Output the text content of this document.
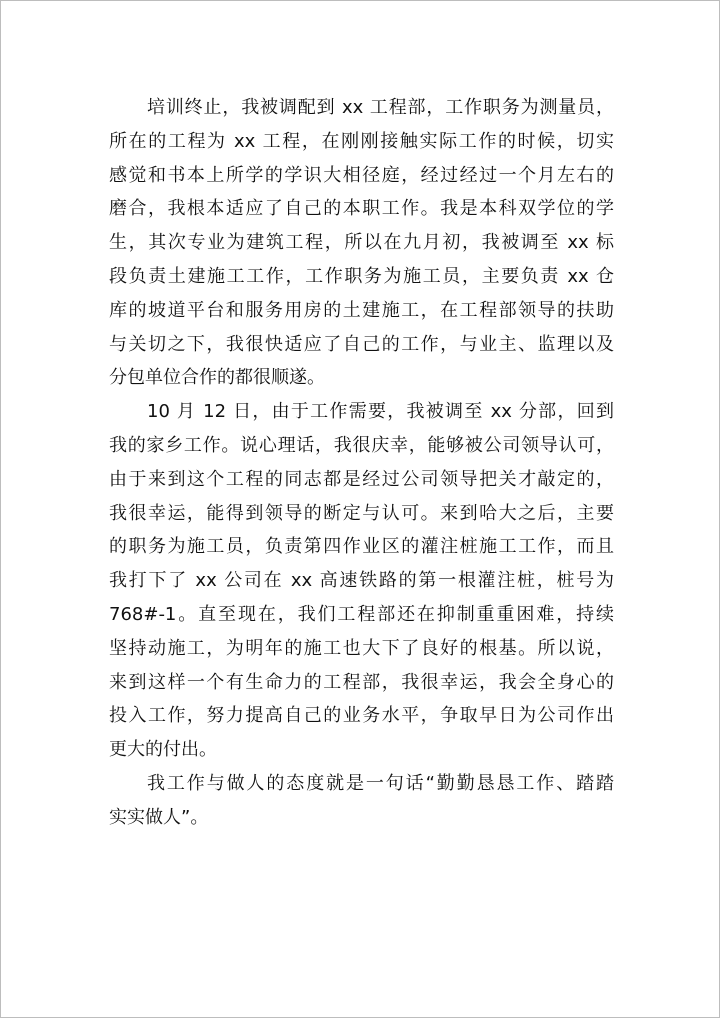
培训终止，我被调配到 xx 工程部，工作职务为测量员，
所在的工程为 xx 工程，在刚刚接触实际工作的时候，切实
感觉和书本上所学的学识大相径庭，经过经过一个月左右的
磨合，我根本适应了自己的本职工作。我是本科双学位的学
生，其次专业为建筑工程，所以在九月初，我被调至 xx 标
段负责土建施工工作，工作职务为施工员，主要负责 xx 仓
库的坡道平台和服务用房的土建施工，在工程部领导的扶助
与关切之下，我很快适应了自己的工作，与业主、监理以及
分包单位合作的都很顺遂。
10 月 12 日，由于工作需要，我被调至 xx 分部，回到
我的家乡工作。说心理话，我很庆幸，能够被公司领导认可，
由于来到这个工程的同志都是经过公司领导把关才敲定的，
我很幸运，能得到领导的断定与认可。来到哈大之后，主要
的职务为施工员，负责第四作业区的灌注桩施工工作，而且
我打下了 xx 公司在 xx 高速铁路的第一根灌注桩，桩号为
768#-1。直至现在，我们工程部还在抑制重重困难，持续
坚持动施工，为明年的施工也大下了良好的根基。所以说，
来到这样一个有生命力的工程部，我很幸运，我会全身心的
投入工作，努力提高自己的业务水平，争取早日为公司作出
更大的付出。
我工作与做人的态度就是一句话“勤勤恳恳工作、踏踏
实实做人”。
